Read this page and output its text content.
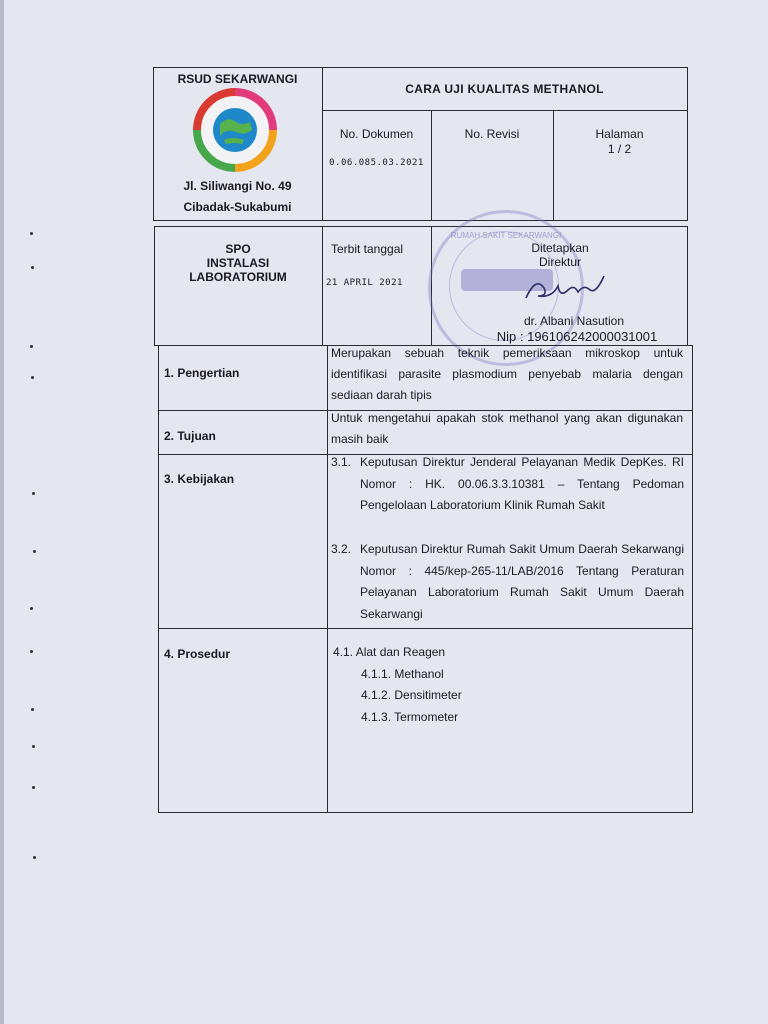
RSUD SEKARWANGI
Jl. Siliwangi No. 49
Cibadak-Sukabumi
CARA UJI KUALITAS METHANOL
No. Dokumen
0.06.085.03.2021
No. Revisi	Halaman
1 / 2
SPO
INSTALASI
LABORATORIUM
Terbit tanggal
21 APRIL 2021
RUMAH SAKIT SEKARWANGI
Ditetapkan
Direktur
dr. Albani Nasution
Nip : 196106242000031001
1. Pengertian
Merupakan sebuah teknik pemeriksaan mikroskop untuk identifikasi parasite plasmodium penyebab malaria dengan sediaan darah tipis
2. Tujuan
Untuk mengetahui apakah stok methanol yang akan digunakan masih baik
3. Kebijakan
3.1. Keputusan Direktur Jenderal Pelayanan Medik DepKes. RI Nomor : HK. 00.06.3.3.10381 – Tentang Pedoman Pengelolaan Laboratorium Klinik Rumah Sakit
3.2. Keputusan Direktur Rumah Sakit Umum Daerah Sekarwangi Nomor : 445/kep-265-11/LAB/2016 Tentang Peraturan Pelayanan Laboratorium Rumah Sakit Umum Daerah Sekarwangi
4. Prosedur	4.1. Alat dan Reagen
4.1.1. Methanol
4.1.2. Densitimeter
4.1.3. Termometer
